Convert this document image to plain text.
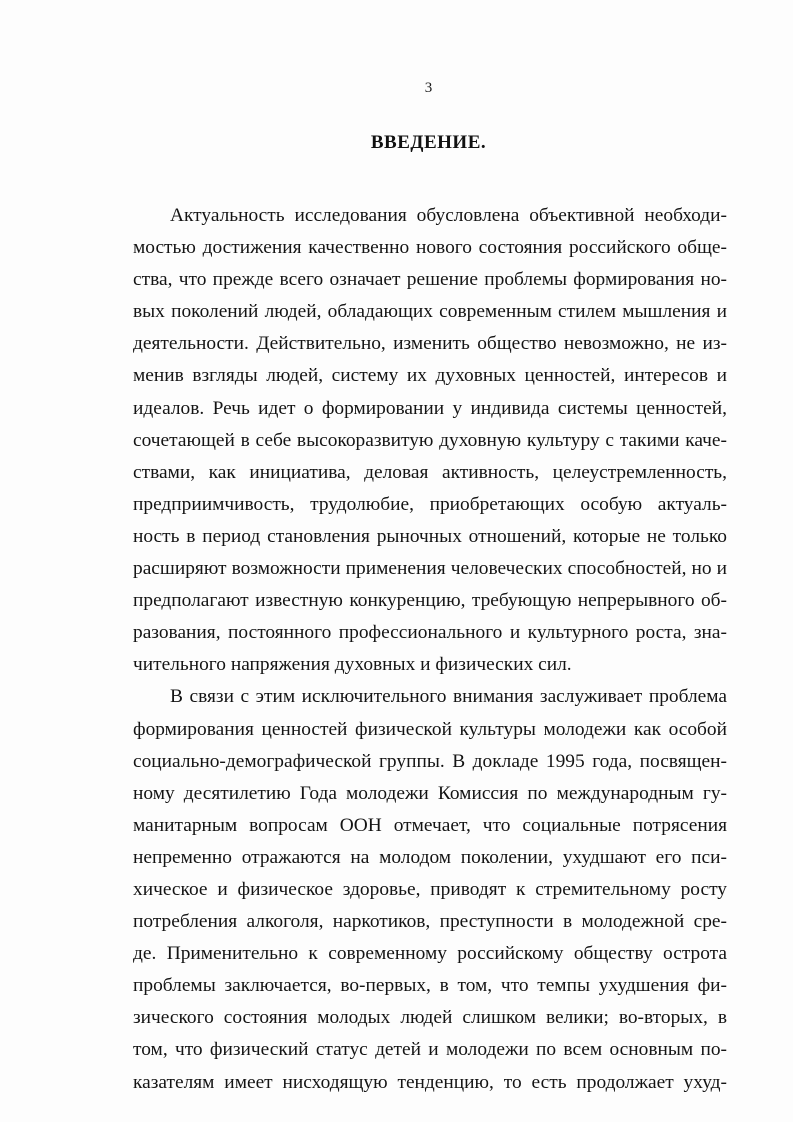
3
ВВЕДЕНИЕ.
Актуальность исследования обусловлена объективной необходи-
мостью достижения качественно нового состояния российского обще-
ства, что прежде всего означает решение проблемы формирования но-
вых поколений людей, обладающих современным стилем мышления и
деятельности. Действительно, изменить общество невозможно, не из-
менив взгляды людей, систему их духовных ценностей, интересов и
идеалов. Речь идет о формировании у индивида системы ценностей,
сочетающей в себе высокоразвитую духовную культуру с такими каче-
ствами, как инициатива, деловая активность, целеустремленность,
предприимчивость, трудолюбие, приобретающих особую актуаль-
ность в период становления рыночных отношений, которые не только
расширяют возможности применения человеческих способностей, но и
предполагают известную конкуренцию, требующую непрерывного об-
разования, постоянного профессионального и культурного роста, зна-
чительного напряжения духовных и физических сил.
В связи с этим исключительного внимания заслуживает проблема
формирования ценностей физической культуры молодежи как особой
социально-демографической группы. В докладе 1995 года, посвящен-
ному десятилетию Года молодежи Комиссия по международным гу-
манитарным вопросам ООН отмечает, что социальные потрясения
непременно отражаются на молодом поколении, ухудшают его пси-
хическое и физическое здоровье, приводят к стремительному росту
потребления алкоголя, наркотиков, преступности в молодежной сре-
де. Применительно к современному российскому обществу острота
проблемы заключается, во-первых, в том, что темпы ухудшения фи-
зического состояния молодых людей слишком велики; во-вторых, в
том, что физический статус детей и молодежи по всем основным по-
казателям имеет нисходящую тенденцию, то есть продолжает ухуд-
